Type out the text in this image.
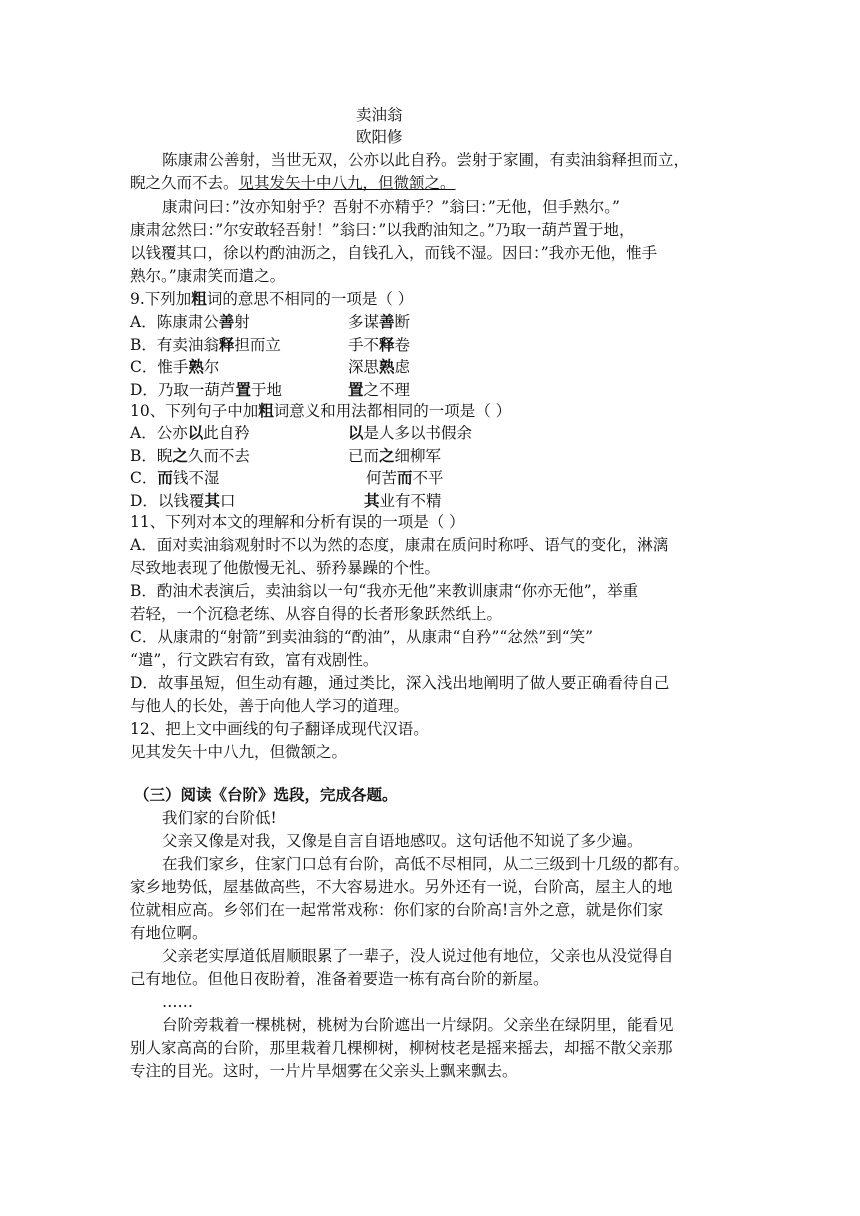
卖油翁
欧阳修
陈康肃公善射，当世无双，公亦以此自矜。尝射于家圃，有卖油翁释担而立，
睨之久而不去。见其发矢十中八九，但微颔之。
康肃问曰：”汝亦知射乎？吾射不亦精乎？”翁曰：”无他，但手熟尔。”
康肃忿然曰：”尔安敢轻吾射！”翁曰：”以我酌油知之。”乃取一葫芦置于地，
以钱覆其口，徐以杓酌油沥之，自钱孔入，而钱不湿。因曰：”我亦无他，惟手
熟尔。”康肃笑而遣之。
9.下列加粗词的意思不相同的一项是（ ）
A．陈康肃公善射	多谋善断
B．有卖油翁释担而立	手不释卷
C．惟手熟尔	深思熟虑
D．乃取一葫芦置于地	置之不理
10、下列句子中加粗词意义和用法都相同的一项是（ ）
A．公亦以此自矜	以是人多以书假余
B．睨之久而不去	已而之细柳军
C．而钱不湿	何苦而不平
D．以钱覆其口	其业有不精
11、下列对本文的理解和分析有误的一项是（ ）
A．面对卖油翁观射时不以为然的态度，康肃在质问时称呼、语气的变化，淋漓
尽致地表现了他傲慢无礼、骄矜暴躁的个性。
B．酌油术表演后，卖油翁以一句“我亦无他”来教训康肃“你亦无他”，举重
若轻，一个沉稳老练、从容自得的长者形象跃然纸上。
C．从康肃的“射箭”到卖油翁的“酌油”，从康肃“自矜”“忿然”到“笑”
“遣”，行文跌宕有致，富有戏剧性。
D．故事虽短，但生动有趣，通过类比，深入浅出地阐明了做人要正确看待自己
与他人的长处，善于向他人学习的道理。
12、把上文中画线的句子翻译成现代汉语。
见其发矢十中八九，但微颔之。
（三）阅读《台阶》选段，完成各题。
我们家的台阶低!
父亲又像是对我，又像是自言自语地感叹。这句话他不知说了多少遍。
在我们家乡，住家门口总有台阶，高低不尽相同，从二三级到十几级的都有。
家乡地势低，屋基做高些，不大容易进水。另外还有一说，台阶高，屋主人的地
位就相应高。乡邻们在一起常常戏称：你们家的台阶高!言外之意，就是你们家
有地位啊。
父亲老实厚道低眉顺眼累了一辈子，没人说过他有地位，父亲也从没觉得自
己有地位。但他日夜盼着，准备着要造一栋有高台阶的新屋。
……
台阶旁栽着一棵桃树，桃树为台阶遮出一片绿阴。父亲坐在绿阴里，能看见
别人家高高的台阶，那里栽着几棵柳树，柳树枝老是摇来摇去，却摇不散父亲那
专注的目光。这时，一片片旱烟雾在父亲头上飘来飘去。
